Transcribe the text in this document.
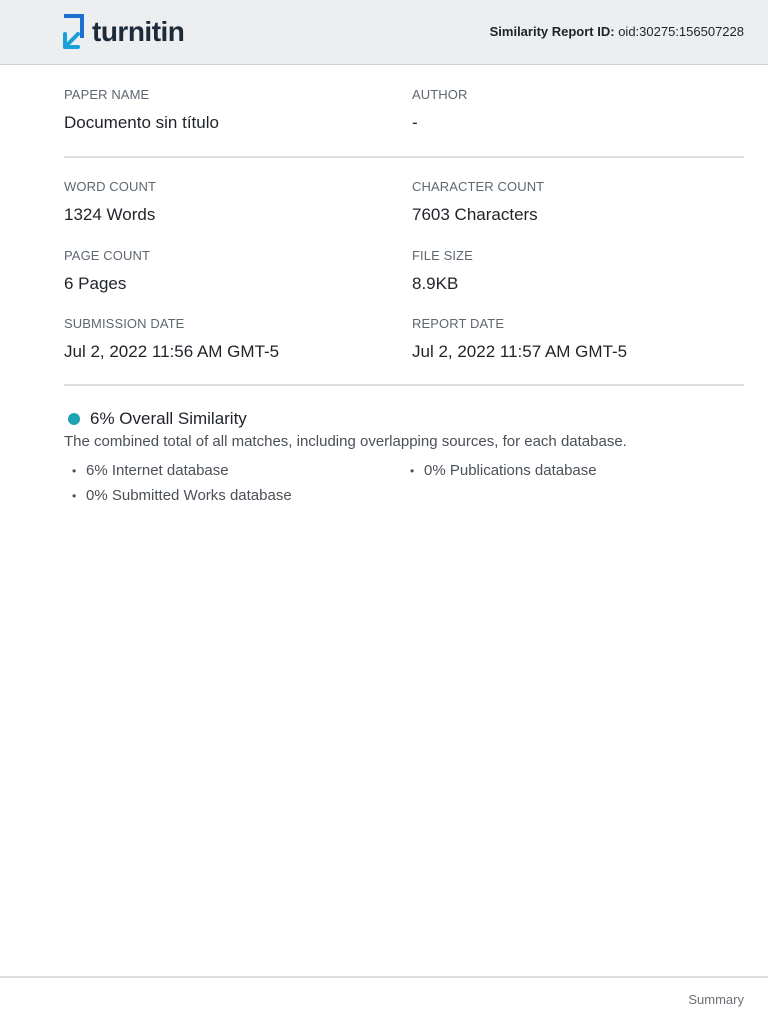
turnitin	Similarity Report ID: oid:30275:156507228
PAPER NAME
Documento sin título
AUTHOR
-
WORD COUNT
1324 Words
CHARACTER COUNT
7603 Characters
PAGE COUNT
6 Pages
FILE SIZE
8.9KB
SUBMISSION DATE
Jul 2, 2022 11:56 AM GMT-5
REPORT DATE
Jul 2, 2022 11:57 AM GMT-5
6% Overall Similarity
The combined total of all matches, including overlapping sources, for each database.
• 6% Internet database	• 0% Publications database
• 0% Submitted Works database
Summary
